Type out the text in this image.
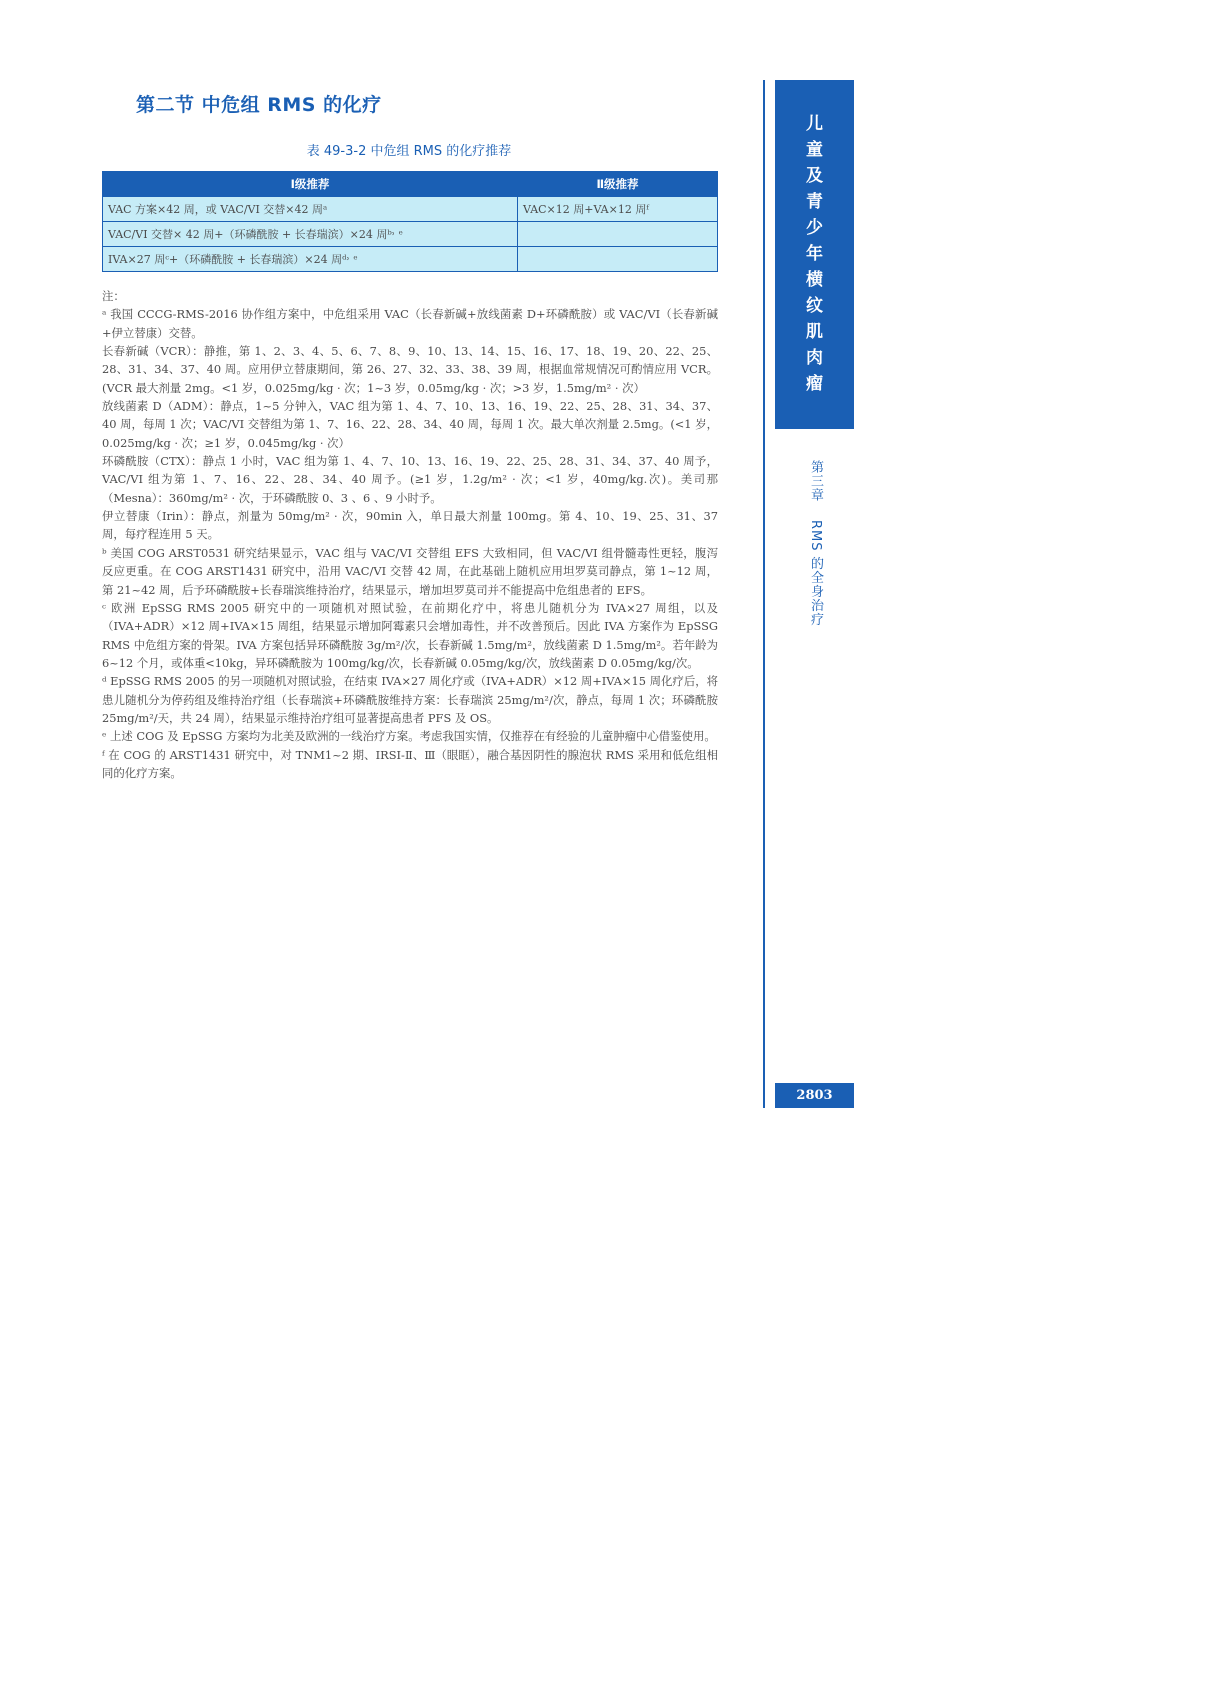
第二节 中危组 RMS 的化疗
表 49-3-2 中危组 RMS 的化疗推荐
Ⅰ级推荐	Ⅱ级推荐
VAC 方案×42 周，或 VAC/VI 交替×42 周ᵃ	VAC×12 周+VA×12 周ᶠ
VAC/VI 交替× 42 周+（环磷酰胺 + 长春瑞滨）×24 周ᵇ˒ ᵉ	
IVA×27 周ᶜ+（环磷酰胺 + 长春瑞滨）×24 周ᵈ˒ ᵉ	

注：

ᵃ 我国 CCCG-RMS-2016 协作组方案中，中危组采用 VAC（长春新碱+放线菌素 D+环磷酰胺）或 VAC/VI（长春新碱+伊立替康）交替。

长春新碱（VCR）：静推，第 1、2、3、4、5、6、7、8、9、10、13、14、15、16、17、18、19、20、22、25、28、31、34、37、40 周。应用伊立替康期间，第 26、27、32、33、38、39 周，根据血常规情况可酌情应用 VCR。(VCR 最大剂量 2mg。<1 岁，0.025mg/kg · 次；1~3 岁，0.05mg/kg · 次；>3 岁，1.5mg/m² · 次）

放线菌素 D（ADM）：静点，1~5 分钟入，VAC 组为第 1、4、7、10、13、16、19、22、25、28、31、34、37、40 周，每周 1 次；VAC/VI 交替组为第 1、7、16、22、28、34、40 周，每周 1 次。最大单次剂量 2.5mg。(<1 岁，0.025mg/kg · 次；≥1 岁，0.045mg/kg · 次）

环磷酰胺（CTX）：静点 1 小时，VAC 组为第 1、4、7、10、13、16、19、22、25、28、31、34、37、40 周予，VAC/VI 组为第 1、7、16、22、28、34、40 周予。(≥1 岁，1.2g/m² · 次；<1 岁，40mg/kg.次)。美司那（Mesna）：360mg/m² · 次，于环磷酰胺 0、3 、6 、9 小时予。

伊立替康（Irin）：静点，剂量为 50mg/m² · 次，90min 入，单日最大剂量 100mg。第 4、10、19、25、31、37 周，每疗程连用 5 天。

ᵇ 美国 COG ARST0531 研究结果显示，VAC 组与 VAC/VI 交替组 EFS 大致相同，但 VAC/VI 组骨髓毒性更轻，腹泻反应更重。在 COG ARST1431 研究中，沿用 VAC/VI 交替 42 周，在此基础上随机应用坦罗莫司静点，第 1~12 周，第 21~42 周，后予环磷酰胺+长春瑞滨维持治疗，结果显示，增加坦罗莫司并不能提高中危组患者的 EFS。

ᶜ 欧洲 EpSSG RMS 2005 研究中的一项随机对照试验，在前期化疗中，将患儿随机分为 IVA×27 周组，以及（IVA+ADR）×12 周+IVA×15 周组，结果显示增加阿霉素只会增加毒性，并不改善预后。因此 IVA 方案作为 EpSSG RMS 中危组方案的骨架。IVA 方案包括异环磷酰胺 3g/m²/次，长春新碱 1.5mg/m²，放线菌素 D 1.5mg/m²。若年龄为 6~12 个月，或体重<10kg，异环磷酰胺为 100mg/kg/次，长春新碱 0.05mg/kg/次，放线菌素 D 0.05mg/kg/次。

ᵈ EpSSG RMS 2005 的另一项随机对照试验，在结束 IVA×27 周化疗或（IVA+ADR）×12 周+IVA×15 周化疗后，将患儿随机分为停药组及维持治疗组（长春瑞滨+环磷酰胺维持方案：长春瑞滨 25mg/m²/次，静点，每周 1 次；环磷酰胺 25mg/m²/天，共 24 周），结果显示维持治疗组可显著提高患者 PFS 及 OS。

ᵉ 上述 COG 及 EpSSG 方案均为北美及欧洲的一线治疗方案。考虑我国实情，仅推荐在有经验的儿童肿瘤中心借鉴使用。

ᶠ 在 COG 的 ARST1431 研究中，对 TNM1~2 期、IRSI-Ⅱ、Ⅲ（眼眶），融合基因阴性的腺泡状 RMS 采用和低危组相同的化疗方案。

儿
童
及
青
少
年
横
纹
肌
肉
瘤
第三章
RMS 的全身治疗
2803
